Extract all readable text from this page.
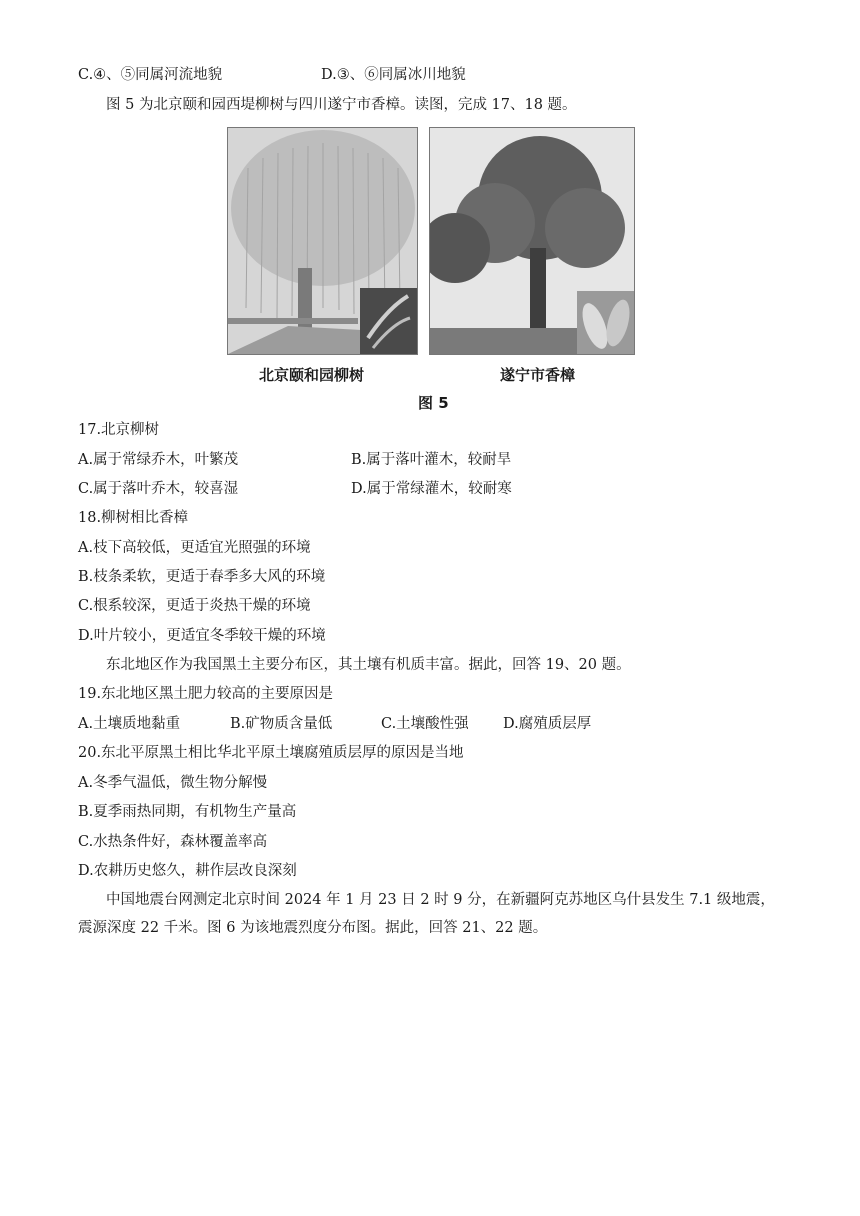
C.④、⑤同属河流地貌	D.③、⑥同属冰川地貌
图 5 为北京颐和园西堤柳树与四川遂宁市香樟。读图，完成 17、18 题。
北京颐和园柳树	遂宁市香樟
图 5
17.北京柳树
A.属于常绿乔木，叶繁茂	B.属于落叶灌木，较耐旱
C.属于落叶乔木，较喜湿	D.属于常绿灌木，较耐寒
18.柳树相比香樟
A.枝下高较低，更适宜光照强的环境
B.枝条柔软，更适于春季多大风的环境
C.根系较深，更适于炎热干燥的环境
D.叶片较小，更适宜冬季较干燥的环境
东北地区作为我国黑土主要分布区，其土壤有机质丰富。据此，回答 19、20 题。
19.东北地区黑土肥力较高的主要原因是
A.土壤质地黏重	B.矿物质含量低	C.土壤酸性强 D.腐殖质层厚
20.东北平原黑土相比华北平原土壤腐殖质层厚的原因是当地
A.冬季气温低，微生物分解慢
B.夏季雨热同期，有机物生产量高
C.水热条件好，森林覆盖率高
D.农耕历史悠久，耕作层改良深刻
中国地震台网测定北京时间 2024 年 1 月 23 日 2 时 9 分，在新疆阿克苏地区乌什县发生 7.1 级地震，震源深度 22 千米。图 6 为该地震烈度分布图。据此，回答 21、22 题。
